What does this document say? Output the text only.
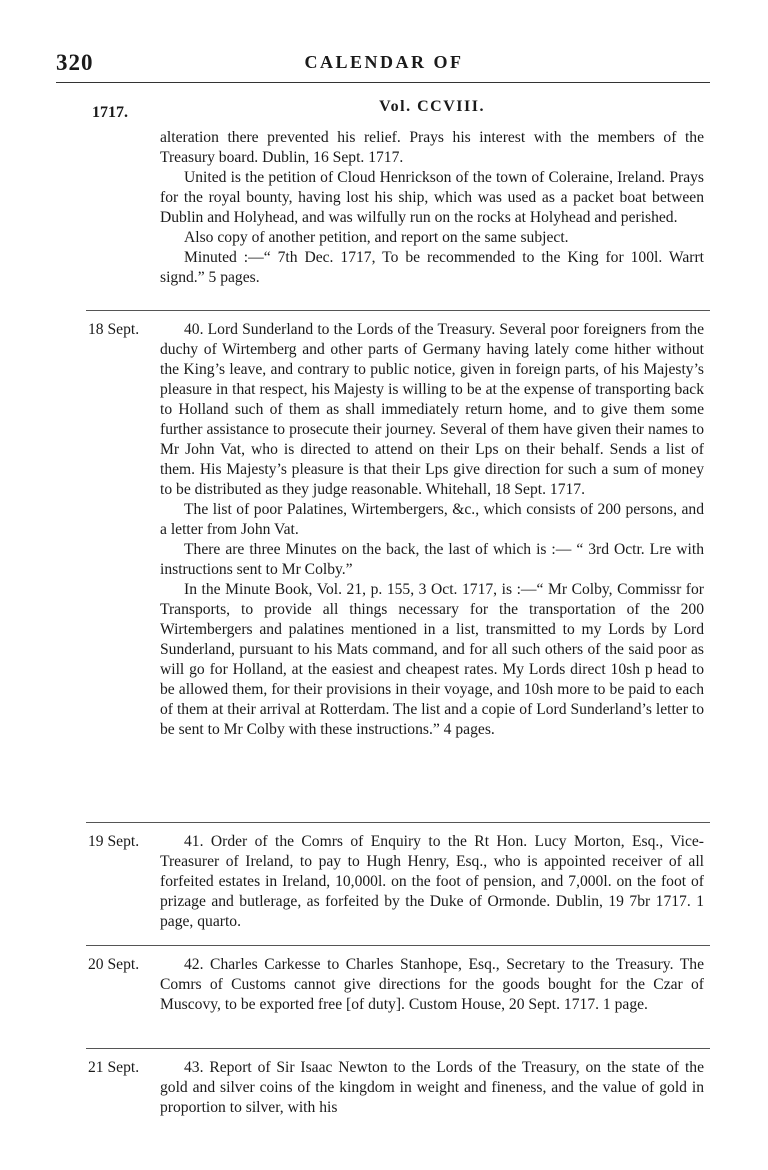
320	CALENDAR OF
1717.	Vol. CCVIII.

alteration there prevented his relief. Prays his interest with the members of the Treasury board. Dublin, 16 Sept. 1717.

United is the petition of Cloud Henrickson of the town of Coleraine, Ireland. Prays for the royal bounty, having lost his ship, which was used as a packet boat between Dublin and Holyhead, and was wilfully run on the rocks at Holyhead and perished.

Also copy of another petition, and report on the same subject.

Minuted :—“ 7th Dec. 1717, To be recommended to the King for 100l. Warrt signd.” 5 pages.

18 Sept.	40. Lord Sunderland to the Lords of the Treasury. Several poor foreigners from the duchy of Wirtemberg and other parts of Germany having lately come hither without the King’s leave, and contrary to public notice, given in foreign parts, of his Majesty’s pleasure in that respect, his Majesty is willing to be at the expense of transporting back to Holland such of them as shall immediately return home, and to give them some further assistance to prosecute their journey. Several of them have given their names to Mr John Vat, who is directed to attend on their Lps on their behalf. Sends a list of them. His Majesty’s pleasure is that their Lps give direction for such a sum of money to be distributed as they judge reasonable. Whitehall, 18 Sept. 1717.

The list of poor Palatines, Wirtembergers, &c., which consists of 200 persons, and a letter from John Vat.

There are three Minutes on the back, the last of which is :— “ 3rd Octr. Lre with instructions sent to Mr Colby.”

In the Minute Book, Vol. 21, p. 155, 3 Oct. 1717, is :—“ Mr Colby, Commissr for Transports, to provide all things necessary for the transportation of the 200 Wirtembergers and palatines mentioned in a list, transmitted to my Lords by Lord Sunderland, pursuant to his Mats command, and for all such others of the said poor as will go for Holland, at the easiest and cheapest rates. My Lords direct 10sh p head to be allowed them, for their provisions in their voyage, and 10sh more to be paid to each of them at their arrival at Rotterdam. The list and a copie of Lord Sunderland’s letter to be sent to Mr Colby with these instructions.” 4 pages.

19 Sept.	41. Order of the Comrs of Enquiry to the Rt Hon. Lucy Morton, Esq., Vice-Treasurer of Ireland, to pay to Hugh Henry, Esq., who is appointed receiver of all forfeited estates in Ireland, 10,000l. on the foot of pension, and 7,000l. on the foot of prizage and butlerage, as forfeited by the Duke of Ormonde. Dublin, 19 7br 1717. 1 page, quarto.

20 Sept.	42. Charles Carkesse to Charles Stanhope, Esq., Secretary to the Treasury. The Comrs of Customs cannot give directions for the goods bought for the Czar of Muscovy, to be exported free [of duty]. Custom House, 20 Sept. 1717. 1 page.

21 Sept.	43. Report of Sir Isaac Newton to the Lords of the Treasury, on the state of the gold and silver coins of the kingdom in weight and fineness, and the value of gold in proportion to silver, with his
